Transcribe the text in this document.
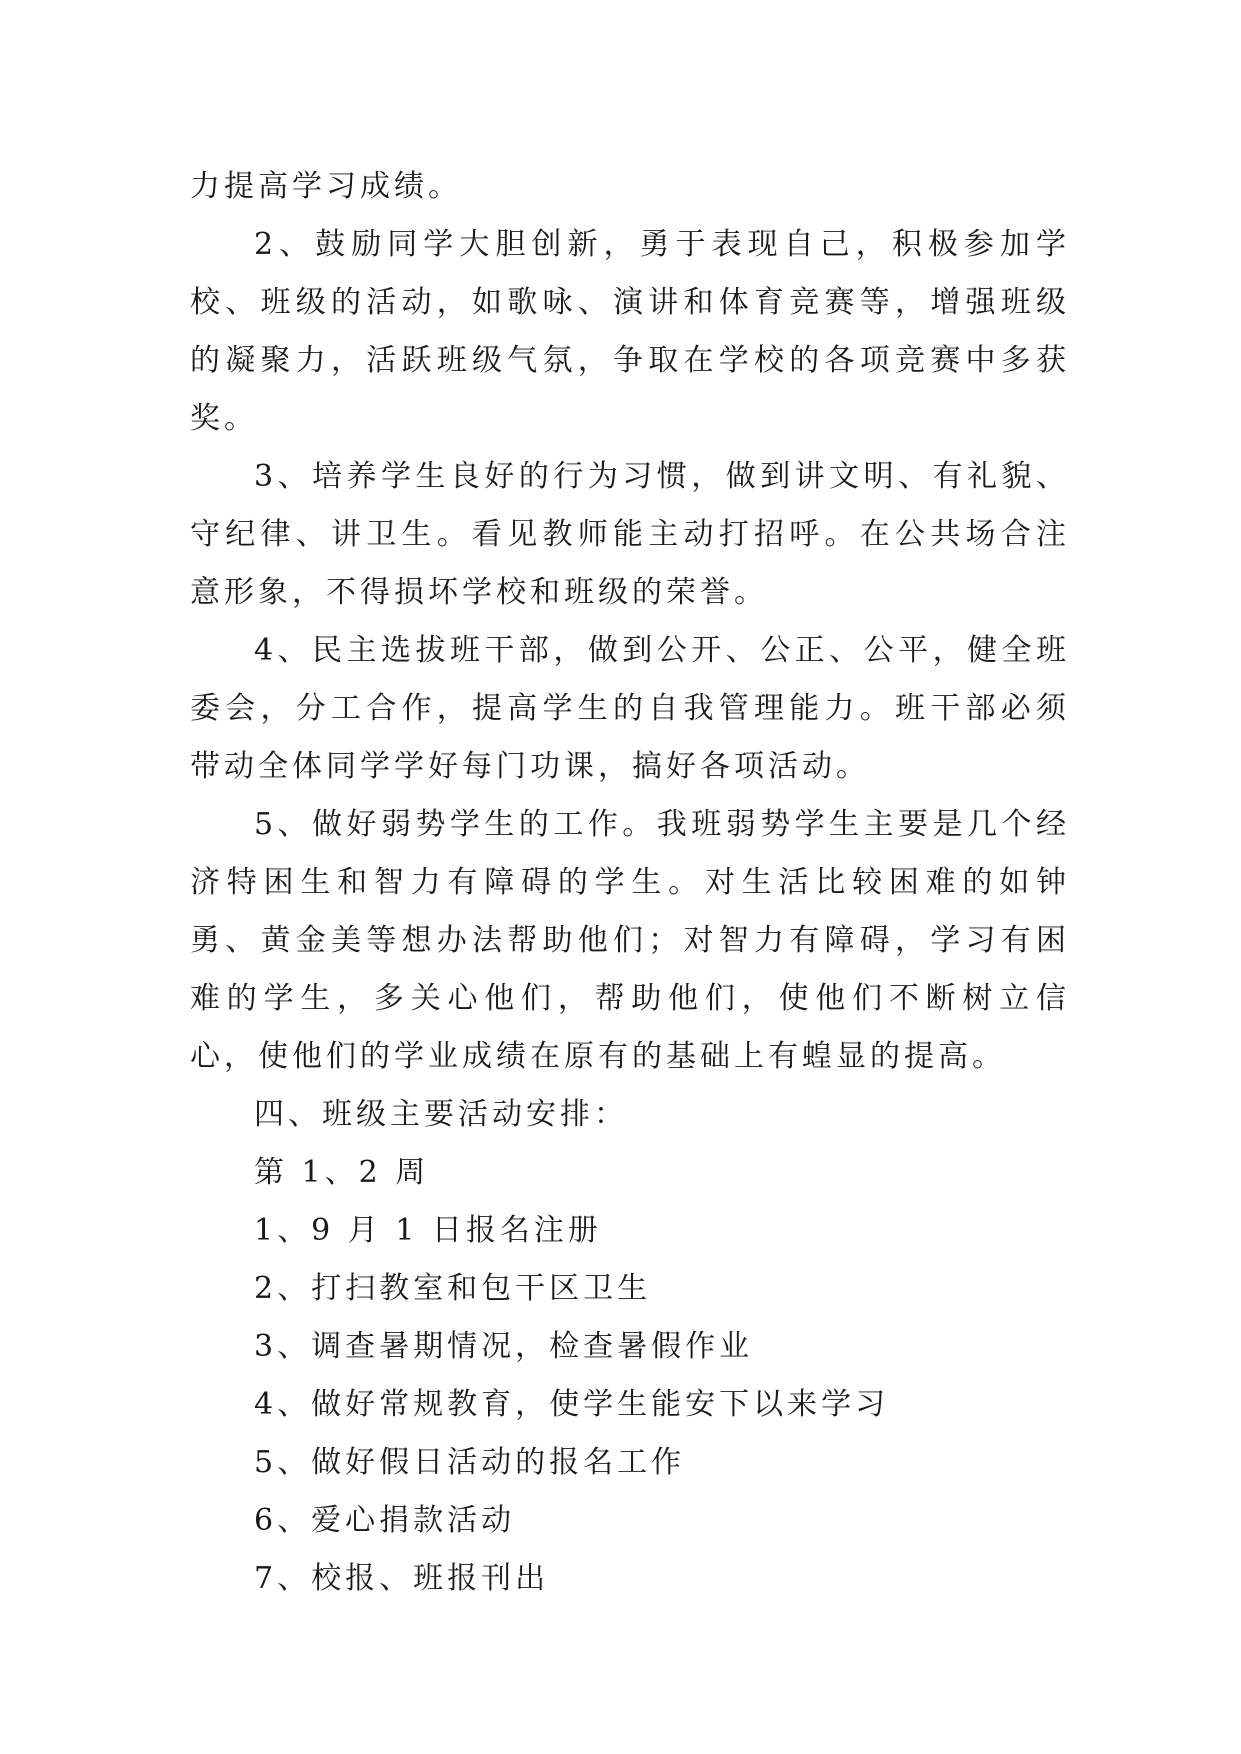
力提高学习成绩。

2、鼓励同学大胆创新，勇于表现自己，积极参加学校、班级的活动，如歌咏、演讲和体育竞赛等，增强班级的凝聚力，活跃班级气氛，争取在学校的各项竞赛中多获奖。

3、培养学生良好的行为习惯，做到讲文明、有礼貌、守纪律、讲卫生。看见教师能主动打招呼。在公共场合注意形象，不得损坏学校和班级的荣誉。

4、民主选拔班干部，做到公开、公正、公平，健全班委会，分工合作，提高学生的自我管理能力。班干部必须带动全体同学学好每门功课，搞好各项活动。

5、做好弱势学生的工作。我班弱势学生主要是几个经济特困生和智力有障碍的学生。对生活比较困难的如钟勇、黄金美等想办法帮助他们；对智力有障碍，学习有困难的学生，多关心他们，帮助他们，使他们不断树立信心，使他们的学业成绩在原有的基础上有蝗显的提高。

四、班级主要活动安排：

第 1、2 周

1、9 月 1 日报名注册

2、打扫教室和包干区卫生

3、调查暑期情况，检查暑假作业

4、做好常规教育，使学生能安下以来学习

5、做好假日活动的报名工作

6、爱心捐款活动

7、校报、班报刊出
